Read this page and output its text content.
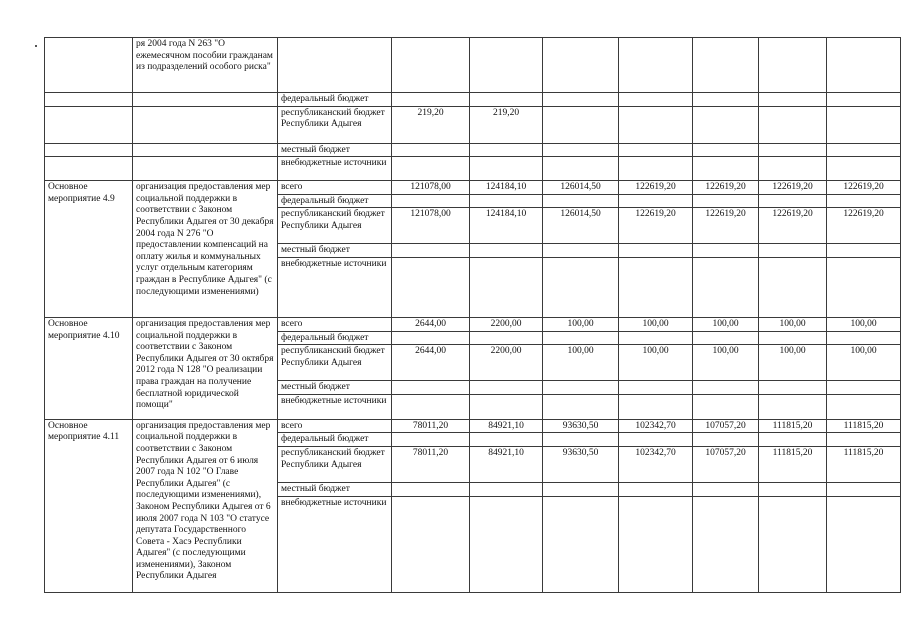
	ря 2004 года N 263 "О ежемесячном пособии гражданам из подразделений особого риска"								
		федеральный бюджет							
		республиканский бюджет Республики Адыгея	219,20	219,20					
		местный бюджет							
		внебюджетные источники							
Основное мероприятие 4.9	организация предоставления мер социальной поддержки в соответствии с Законом Республики Адыгея от 30 декабря 2004 года N 276 "О предоставлении компенсаций на оплату жилья и коммунальных услуг отдельным категориям граждан в Республике Адыгея" (с последующими изменениями)	всего	121078,00	124184,10	126014,50	122619,20	122619,20	122619,20	122619,20
		федеральный бюджет							
		республиканский бюджет Республики Адыгея	121078,00	124184,10	126014,50	122619,20	122619,20	122619,20	122619,20
		местный бюджет							
		внебюджетные источники							
Основное мероприятие 4.10	организация предоставления мер социальной поддержки в соответствии с Законом Республики Адыгея от 30 октября 2012 года N 128 "О реализации права граждан на получение бесплатной юридической помощи"	всего	2644,00	2200,00	100,00	100,00	100,00	100,00	100,00
		федеральный бюджет							
		республиканский бюджет Республики Адыгея	2644,00	2200,00	100,00	100,00	100,00	100,00	100,00
		местный бюджет							
		внебюджетные источники							
Основное мероприятие 4.11	организация предоставления мер социальной поддержки в соответствии с Законом Республики Адыгея от 6 июля 2007 года N 102 "О Главе Республики Адыгея" (с последующими изменениями), Законом Республики Адыгея от 6 июля 2007 года N 103 "О статусе депутата Государственного Совета - Хасэ Республики Адыгея" (с последующими изменениями), Законом Республики Адыгея	всего	78011,20	84921,10	93630,50	102342,70	107057,20	111815,20	111815,20
		федеральный бюджет							
		республиканский бюджет Республики Адыгея	78011,20	84921,10	93630,50	102342,70	107057,20	111815,20	111815,20
		местный бюджет							
		внебюджетные источники							
